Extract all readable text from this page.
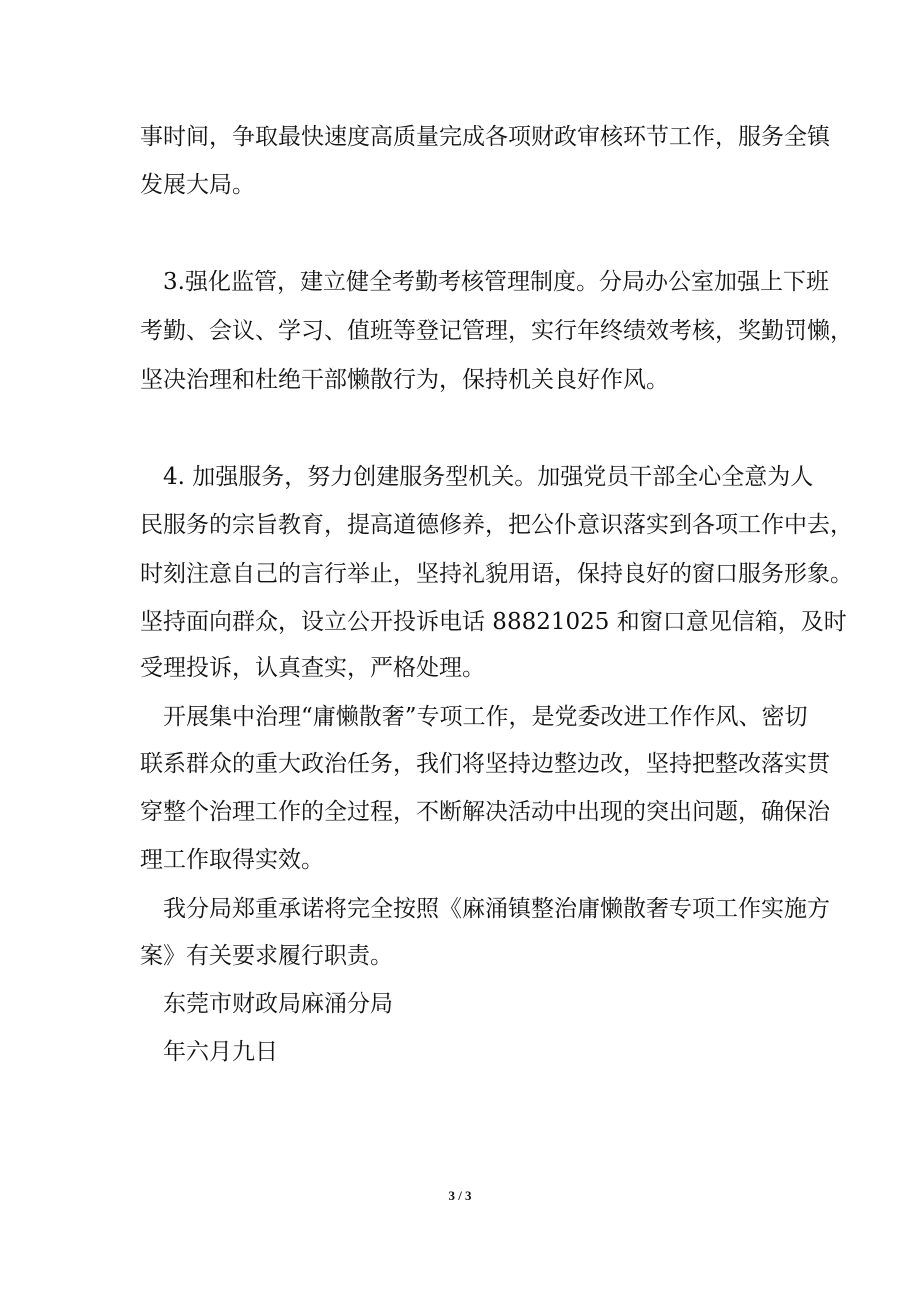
事时间，争取最快速度高质量完成各项财政审核环节工作，服务全镇
发展大局。
3.强化监管，建立健全考勤考核管理制度。分局办公室加强上下班
考勤、会议、学习、值班等登记管理，实行年终绩效考核，奖勤罚懒，
坚决治理和杜绝干部懒散行为，保持机关良好作风。
4. 加强服务，努力创建服务型机关。加强党员干部全心全意为人
民服务的宗旨教育，提高道德修养，把公仆意识落实到各项工作中去，
时刻注意自己的言行举止，坚持礼貌用语，保持良好的窗口服务形象。
坚持面向群众，设立公开投诉电话 88821025 和窗口意见信箱，及时
受理投诉，认真查实，严格处理。
开展集中治理“庸懒散奢”专项工作，是党委改进工作作风、密切
联系群众的重大政治任务，我们将坚持边整边改，坚持把整改落实贯
穿整个治理工作的全过程，不断解决活动中出现的突出问题，确保治
理工作取得实效。
我分局郑重承诺将完全按照《麻涌镇整治庸懒散奢专项工作实施方
案》有关要求履行职责。
东莞市财政局麻涌分局
年六月九日
3 / 3
